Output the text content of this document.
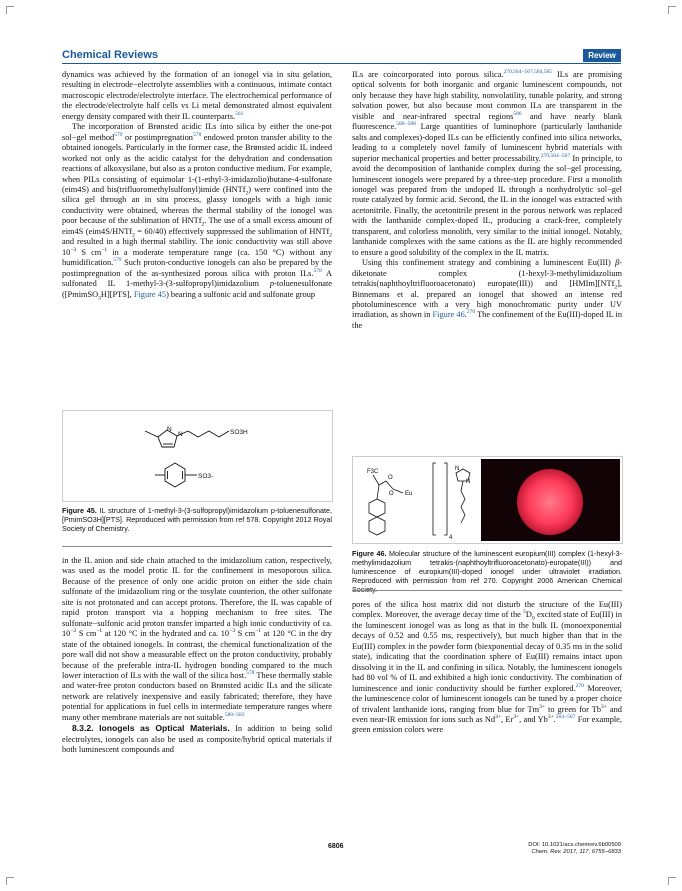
Chemical Reviews	Review

dynamics was achieved by the formation of an ionogel via in situ gelation, resulting in electrode−electrolyte assemblies with a continuous, intimate contact macroscopic electrode/electrolyte interface. The electrochemical performance of the electrode/electrolyte half cells vs Li metal demonstrated almost equivalent energy density compared with their IL counterparts.$^{561}$

The incorporation of Brønsted acidic ILs into silica by either the one-pot sol−gel method$^{579}$ or postimpregnation$^{578}$ endowed proton transfer ability to the obtained ionogels. Particularly in the former case, the Brønsted acidic IL indeed worked not only as the acidic catalyst for the dehydration and condensation reactions of alkoxysilane, but also as a proton conductive medium. For example, when PILs consisting of equimolar 1-(1-ethyl-3-imidazolio)butane-4-sulfonate (eim4S) and bis(trifluoromethylsulfonyl)imide (HNTf$_2$) were confined into the silica gel through an in situ process, glassy ionogels with a high ionic conductivity were obtained, whereas the thermal stability of the ionogel was poor because of the sublimation of HNTf$_2$. The use of a small excess amount of eim4S (eim4S/HNTf$_2$ = 60/40) effectively suppressed the sublimation of HNTf$_2$ and resulted in a high thermal stability. The ionic conductivity was still above $10^{-3}$ S $cm^{-1}$ in a moderate temperature range (ca. 150 °C) without any humidification.$^{579}$ Such proton-conductive ionogels can also be prepared by the postimpregnation of the as-synthesized porous silica with proton ILs.$^{578}$ A sulfonated IL 1-methyl-3-(3-sulfopropyl)imidazolium p-toluenesulfonate ([PmimSO$_3$H][PTS], Figure 45) bearing a sulfonic acid and sulfonate group

N
N	SO3H
SO3-
Figure 45. IL structure of 1-methyl-3-(3-sulfopropyl)imidazolium p-toluenesulfonate, [PmimSO3H][PTS]. Reproduced with permission from ref 578. Copyright 2012 Royal Society of Chemistry.

in the IL anion and side chain attached to the imidazolium cation, respectively, was used as the model protic IL for the confinement in mesoporous silica. Because of the presence of only one acidic proton on either the side chain sulfonate of the imidazolium ring or the tosylate counterion, the other sulfonate site is not protonated and can accept protons. Therefore, the IL was capable of rapid proton transport via a hopping mechanism to free sites. The sulfonate−sulfonic acid proton transfer imparted a high ionic conductivity of ca. $10^{-2}$ S $cm^{-1}$ at 120 °C in the hydrated and ca. $10^{-3}$ S $cm^{-1}$ at 120 °C in the dry state of the obtained ionogels. In contrast, the chemical functionalization of the pore wall did not show a measurable effect on the proton conductivity, probably because of the preferable intra-IL hydrogen bonding compared to the much lower interaction of ILs with the wall of the silica host.$^{578}$ These thermally stable and water-free proton conductors based on Brønsted acidic ILs and the silicate network are relatively inexpensive and easily fabricated; therefore, they have potential for applications in fuel cells in intermediate temperature ranges where many other membrane materials are not suitable.$^{580-583}$

8.3.2. Ionogels as Optical Materials. In addition to being solid electrolytes, ionogels can also be used as composite/hybrid optical materials if both luminescent compounds and

ILs are coincorporated into porous silica.$^{270,564-567,584,585}$ ILs are promising optical solvents for both inorganic and organic luminescent compounds, not only because they have high stability, nonvolatility, tunable polarity, and strong solvation power, but also because most common ILs are transparent in the visible and near-infrared spectral regions$^{586}$ and have nearly blank fluorescence.$^{586-588}$ Large quantities of luminophore (particularly lanthanide salts and complexes)-doped ILs can be efficiently confined into silica networks, leading to a completely novel family of luminescent hybrid materials with superior mechanical properties and better processability.$^{270,564-567}$ In principle, to avoid the decomposition of lanthanide complex during the sol−gel processing, luminescent ionogels were prepared by a three-step procedure. First a monolith ionogel was prepared from the undoped IL through a nonhydrolytic sol−gel route catalyzed by formic acid. Second, the IL in the ionogel was extracted with acetonitrile. Finally, the acetonitrile present in the porous network was replaced with the lanthanide complex-doped IL, producing a crack-free, completely transparent, and colorless monolith, very similar to the initial ionogel. Notably, lanthanide complexes with the same cations as the IL are highly recommended to ensure a good solubility of the complex in the IL matrix.

Using this confinement strategy and combining a luminescent Eu(III) β-diketonate complex (1-hexyl-3-methylimidazolium tetrakis(naphthoyltrifluoroacetonato) europate(III)) and [HMIm][NTf$_2$], Binnemans et al. prepared an ionogel that showed an intense red photoluminescence with a very high monochromatic purity under UV irradiation, as shown in Figure 46.$^{270}$ The confinement of the Eu(III)-doped IL in the

F3C
O
O Eu
N
N
4
Figure 46. Molecular structure of the luminescent europium(III) complex (1-hexyl-3-methylimidazolium tetrakis-(naphthoyltrifluoroacetonato)-europate(III)) and luminescence of europium(III)-doped ionogel under ultraviolet irradiation. Reproduced with permission from ref 270. Copyright 2006 American Chemical

pores of the silica host matrix did not disturb the structure of the Eu(III) complex. Moreover, the average decay time of the $^5D_0$ excited state of Eu(III) in the luminescent ionogel was as long as that in the bulk IL (monoexponential decays of 0.52 and 0.55 ms, respectively), but much higher than that in the Eu(III) complex in the powder form (biexponential decay of 0.35 ms in the solid state), indicating that the coordination sphere of Eu(III) remains intact upon dissolving it in the IL and confining in silica. Notably, the luminescent ionogels had 80 vol % of IL and exhibited a high ionic conductivity. The combination of luminescence and ionic conductivity should be further explored.$^{270}$ Moreover, the luminescence color of luminescent ionogels can be tuned by a proper choice of trivalent lanthanide ions, ranging from blue for $Tm^{3+}$ to green for $Tb^{3+}$ and even near-IR emission for ions such as $Nd^{3+}$, $Er^{3+}$, and $Yb^{3+}.^{564-567}$ For example, green emission colors were

6806	DOI: 10.1021/acs.chemrev.6b00509
Chem. Rev. 2017, 117, 6755−6833
